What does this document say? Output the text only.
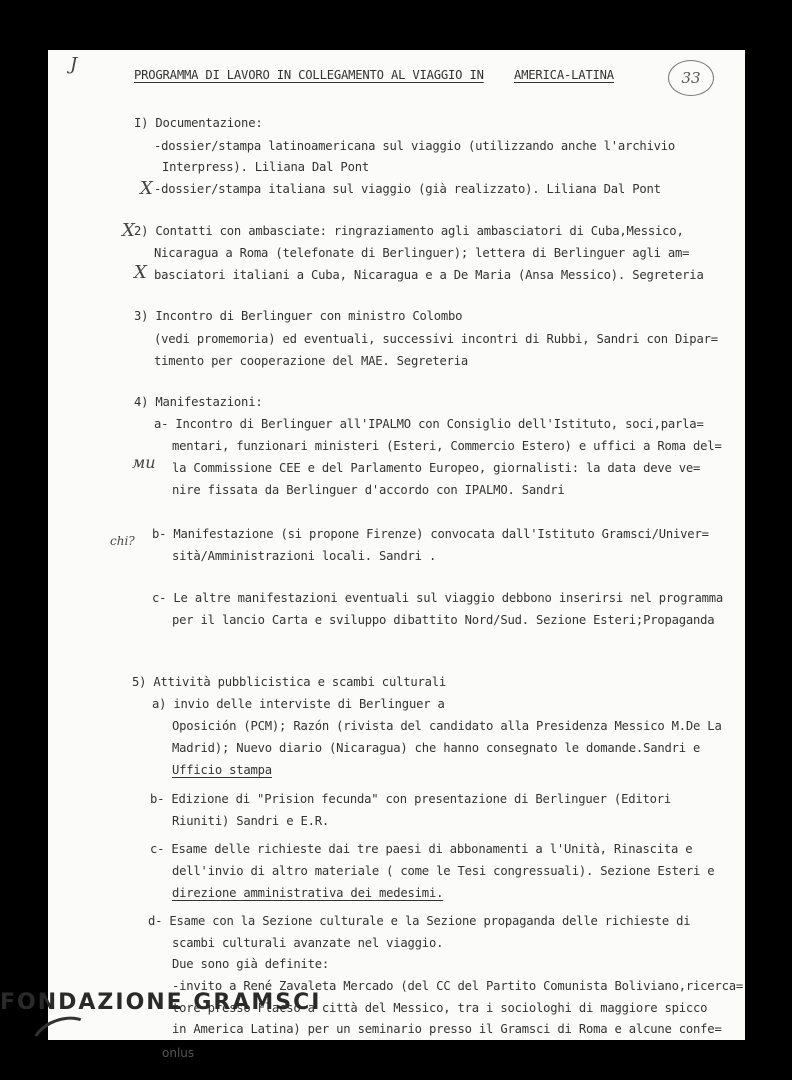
PROGRAMMA DI LAVORO IN COLLEGAMENTO AL VIAGGIO IN AMERICA-LATINA	33
J
I) Documentazione:
-dossier/stampa latinoamericana sul viaggio (utilizzando anche l'archivio
Interpress). Liliana Dal Pont
X -dossier/stampa italiana sul viaggio (già realizzato). Liliana Dal Pont
X 2) Contatti con ambasciate: ringraziamento agli ambasciatori di Cuba,Messico,
Nicaragua a Roma (telefonate di Berlinguer); lettera di Berlinguer agli am=
X basciatori italiani a Cuba, Nicaragua e a De Maria (Ansa Messico). Segreteria
3) Incontro di Berlinguer con ministro Colombo
(vedi promemoria) ed eventuali, successivi incontri di Rubbi, Sandri con Dipar=
timento per cooperazione del MAE. Segreteria
4) Manifestazioni:
a- Incontro di Berlinguer all'IPALMO con Consiglio dell'Istituto, soci,parla=
mentari, funzionari ministeri (Esteri, Commercio Estero) e uffici a Roma del=
ми la Commissione CEE e del Parlamento Europeo, giornalisti: la data deve ve=
nire fissata da Berlinguer d'accordo con IPALMO. Sandri
b- Manifestazione (si propone Firenze) convocata dall'Istituto Gramsci/Univer=
chi?
sità/Amministrazioni locali. Sandri .
c- Le altre manifestazioni eventuali sul viaggio debbono inserirsi nel programma
per il lancio Carta e sviluppo dibattito Nord/Sud. Sezione Esteri;Propaganda
5) Attività pubblicistica e scambi culturali
a) invio delle interviste di Berlinguer a
Oposición (PCM); Razón (rivista del candidato alla Presidenza Messico M.De La
Madrid); Nuevo diario (Nicaragua) che hanno consegnato le domande.Sandri e
Ufficio stampa
b- Edizione di "Prision fecunda" con presentazione di Berlinguer (Editori
Riuniti) Sandri e E.R.
c- Esame delle richieste dai tre paesi di abbonamenti a l'Unità, Rinascita e
dell'invio di altro materiale ( come le Tesi congressuali). Sezione Esteri e
direzione amministrativa dei medesimi.
d- Esame con la Sezione culturale e la Sezione propaganda delle richieste di
scambi culturali avanzate nel viaggio.
Due sono già definite:
-invito a René Zavaleta Mercado (del CC del Partito Comunista Boliviano,ricerca=
tore presso Flacso a città del Messico, tra i sociologhi di maggiore spicco
in America Latina) per un seminario presso il Gramsci di Roma e alcune confe=
FONDAZIONE GRAMSCI
onlus
